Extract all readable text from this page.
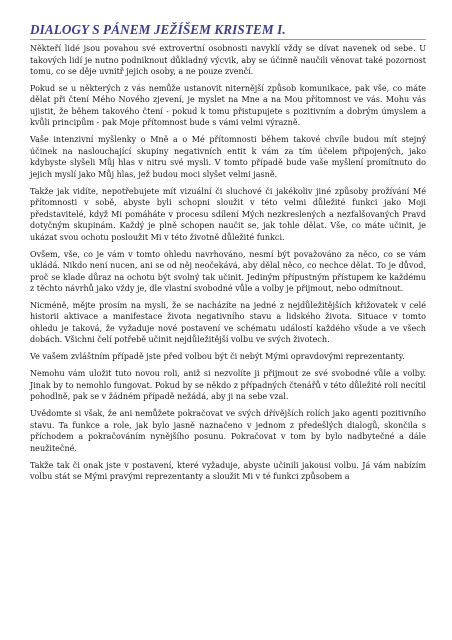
DIALOGY S PÁNEM JEŽÍŠEM KRISTEM I.

Někteří lidé jsou povahou své extrovertní osobnosti navyklí vždy se dívat navenek od sebe. U takových lidí je nutno podniknout důkladný výcvik, aby se účinně naučili věnovat také pozornost tomu, co se děje uvnitř jejich osoby, a ne pouze zvenčí.

Pokud se u některých z vás nemůže ustanovit niternější způsob komunikace, pak vše, co máte dělat při čtení Mého Nového zjevení, je myslet na Mne a na Mou přítomnost ve vás. Mohu vás ujistit, že během takového čtení - pokud k tomu přistupujete s pozitivním a dobrým úmyslem a kvůli principům - pak Moje přítomnost bude s vámi velmi výrazně.

Vaše intenzivní myšlenky o Mně a o Mé přítomnosti během takové chvíle budou mít stejný účinek na naslouchající skupiny negativních entit k vám za tím účelem připojených, jako kdybyste slyšeli Můj hlas v nitru své mysli. V tomto případě bude vaše myšlení promítnuto do jejich myslí jako Můj hlas, jež budou moci slyšet velmi jasně.

Takže jak vidíte, nepotřebujete mít vizuální či sluchové či jakékoliv jiné způsoby prožívání Mé přítomnosti v sobě, abyste byli schopni sloužit v této velmi důležité funkci jako Moji představitelé, když Mi pomáháte v procesu sdílení Mých nezkreslených a nezfalšovaných Pravd dotyčným skupinám. Každý je plně schopen naučit se, jak tohle dělat. Vše, co máte učinit, je ukázat svou ochotu posloužit Mi v této životně důležité funkci.

Ovšem, vše, co je vám v tomto ohledu navrhováno, nesmí být považováno za něco, co se vám ukládá. Nikdo není nucen, ani se od něj neočekává, aby dělal něco, co nechce dělat. To je důvod, proč se klade důraz na ochotu být svolný tak učinit. Jediným přípustným přístupem ke každému z těchto návrhů jako vždy je, dle vlastní svobodné vůle a volby je přijmout, nebo odmítnout.

Nicméně, mějte prosím na mysli, že se nacházíte na jedné z nejdůležitějších křižovatek v celé historii aktivace a manifestace života negativního stavu a lidského života. Situace v tomto ohledu je taková, že vyžaduje nové postavení ve schématu událostí každého všude a ve všech dobách. Všichni čelí potřebě učinit nejdůležitější volbu ve svých životech.

Ve vašem zvláštním případě jste před volbou být či nebýt Mými opravdovými reprezentanty.

Nemohu vám uložit tuto novou roli, aniž si nezvolíte ji přijmout ze své svobodné vůle a volby. Jinak by to nemohlo fungovat. Pokud by se někdo z případných čtenářů v této důležité roli necítil pohodlně, pak se v žádném případě nežádá, aby ji na sebe vzal.

Uvědomte si však, že ani nemůžete pokračovat ve svých dřívějších rolích jako agenti pozitivního stavu. Ta funkce a role, jak bylo jasně naznačeno v jednom z předešlých dialogů, skončila s příchodem a pokračováním nynějšího posunu. Pokračovat v tom by bylo nadbytečné a dále neužitečné.

Takže tak či onak jste v postavení, které vyžaduje, abyste učinili jakousi volbu. Já vám nabízím volbu stát se Mými pravými reprezentanty a sloužit Mi v té funkci způsobem a
